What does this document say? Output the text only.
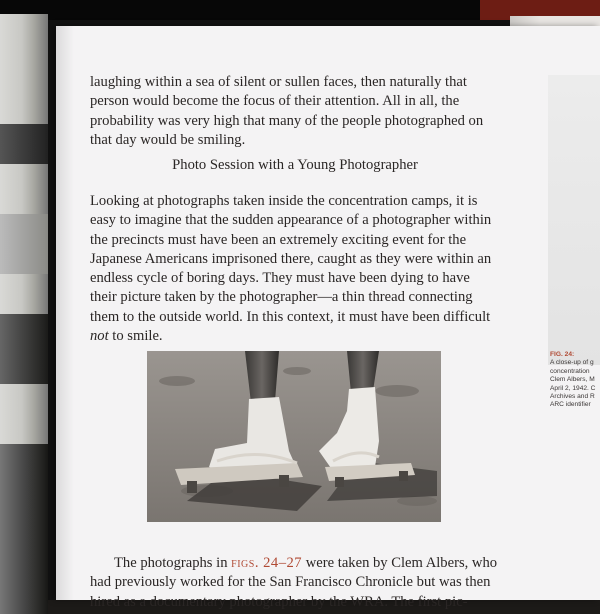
laughing within a sea of silent or sullen faces, then naturally that person would become the focus of their attention. All in all, the probability was very high that many of the people photographed on that day would be smiling.

Photo Session with a Young Photographer

Looking at photographs taken inside the concentration camps, it is easy to imagine that the sudden appearance of a photographer within the precincts must have been an extremely exciting event for the Japanese Americans imprisoned there, caught as they were within an endless cycle of boring days. They must have been dying to have their picture taken by the photographer—a thin thread connecting them to the outside world. In this context, it must have been difficult not to smile.

The photographs in figs. 24–27 were taken by Clem Albers, who had previously worked for the San Francisco Chronicle but was then hired as a documentary photographer by the WRA. The first pic-

FIG. 24:
A close-up of g
concentration
Clem Albers, M
April 2, 1942. C
Archives and R
ARC identifier
